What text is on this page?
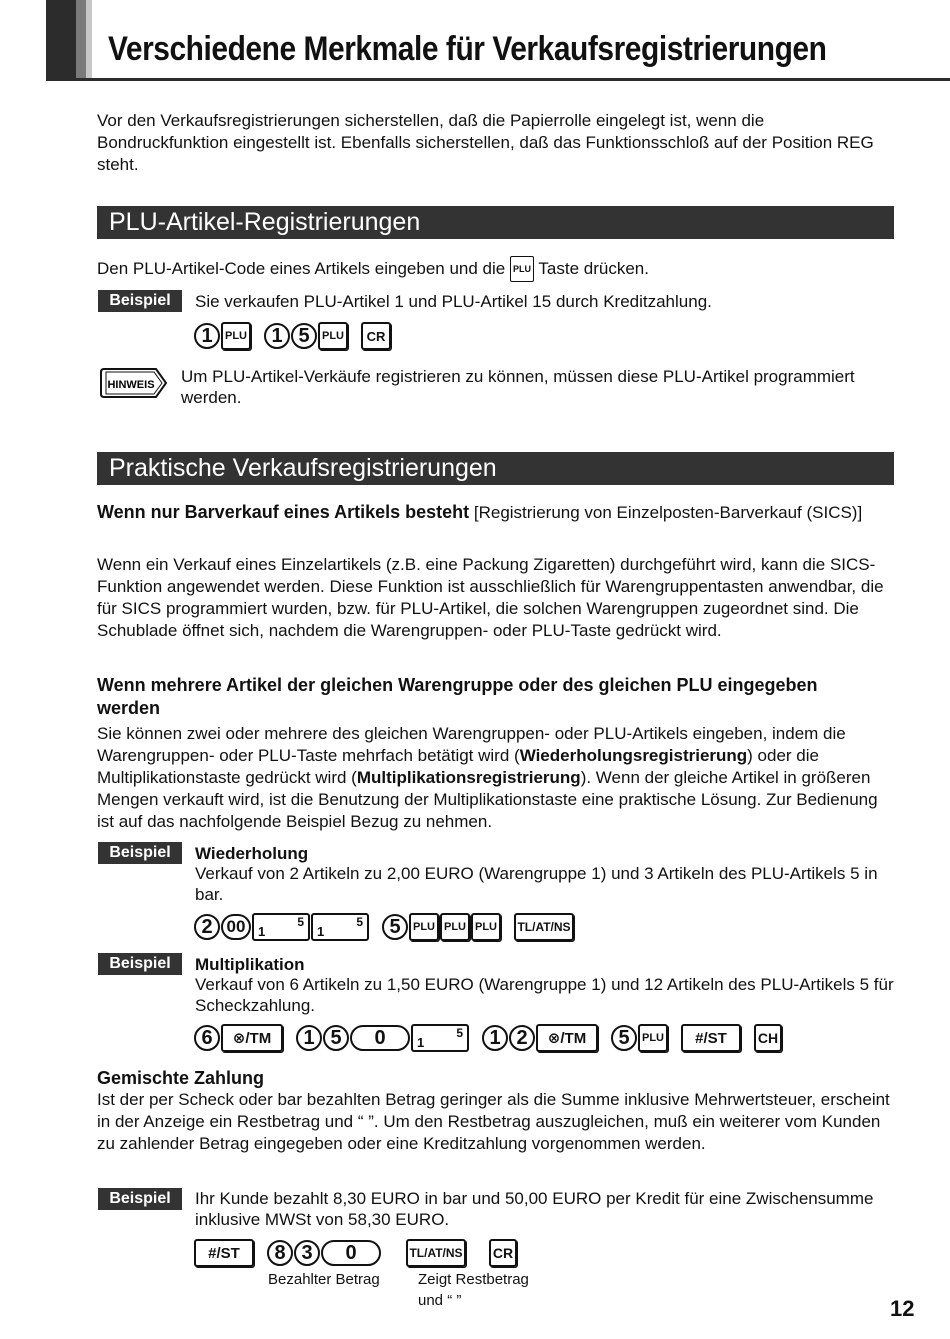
Verschiedene Merkmale für Verkaufsregistrierungen
Vor den Verkaufsregistrierungen sicherstellen, daß die Papierrolle eingelegt ist, wenn die Bondruckfunktion eingestellt ist. Ebenfalls sicherstellen, daß das Funktionsschloß auf der Position REG steht.
PLU-Artikel-Registrierungen
Den PLU-Artikel-Code eines Artikels eingeben und die PLU Taste drücken.
Beispiel	Sie verkaufen PLU-Artikel 1 und PLU-Artikel 15 durch Kreditzahlung.
1	PLU	1 5	PLU	CR
HINWEIS Um PLU-Artikel-Verkäufe registrieren zu können, müssen diese PLU-Artikel programmiert werden.
Praktische Verkaufsregistrierungen
Wenn nur Barverkauf eines Artikels besteht [Registrierung von Einzelposten-Barverkauf (SICS)]
Wenn ein Verkauf eines Einzelartikels (z.B. eine Packung Zigaretten) durchgeführt wird, kann die SICS-Funktion angewendet werden. Diese Funktion ist ausschließlich für Warengruppentasten anwendbar, die für SICS programmiert wurden, bzw. für PLU-Artikel, die solchen Warengruppen zugeordnet sind. Die Schublade öffnet sich, nachdem die Warengruppen- oder PLU-Taste gedrückt wird.
Wenn mehrere Artikel der gleichen Warengruppe oder des gleichen PLU eingegeben werden
Sie können zwei oder mehrere des gleichen Warengruppen- oder PLU-Artikels eingeben, indem die Warengruppen- oder PLU-Taste mehrfach betätigt wird (Wiederholungsregistrierung) oder die Multiplikationstaste gedrückt wird (Multiplikationsregistrierung). Wenn der gleiche Artikel in größeren Mengen verkauft wird, ist die Benutzung der Multiplikationstaste eine praktische Lösung. Zur Bedienung ist auf das nachfolgende Beispiel Bezug zu nehmen.
Beispiel	Wiederholung
Verkauf von 2 Artikeln zu 2,00 EURO (Warengruppe 1) und 3 Artikeln des PLU-Artikels 5 in bar.
2 00	5
1
5
1	5	PLU PLU PLU	TL/AT/NS
Beispiel	Multiplikation
Verkauf von 6 Artikeln zu 1,50 EURO (Warengruppe 1) und 12 Artikeln des PLU-Artikels 5 für Scheckzahlung.
6	⊗/TM	1 5	0	5
1	1 2	⊗/TM	5	PLU	#/ST	CH
Gemischte Zahlung
Ist der per Scheck oder bar bezahlten Betrag geringer als die Summe inklusive Mehrwertsteuer, erscheint in der Anzeige ein Restbetrag und “ ”. Um den Restbetrag auszugleichen, muß ein weiterer vom Kunden zu zahlender Betrag eingegeben oder eine Kreditzahlung vorgenommen werden.
Beispiel	Ihr Kunde bezahlt 8,30 EURO in bar und 50,00 EURO per Kredit für eine Zwischensumme inklusive MWSt von 58,30 EURO.
#/ST	8 3	0	TL/AT/NS CR
Bezahlter Betrag	Zeigt Restbetrag
und “ ”	12
